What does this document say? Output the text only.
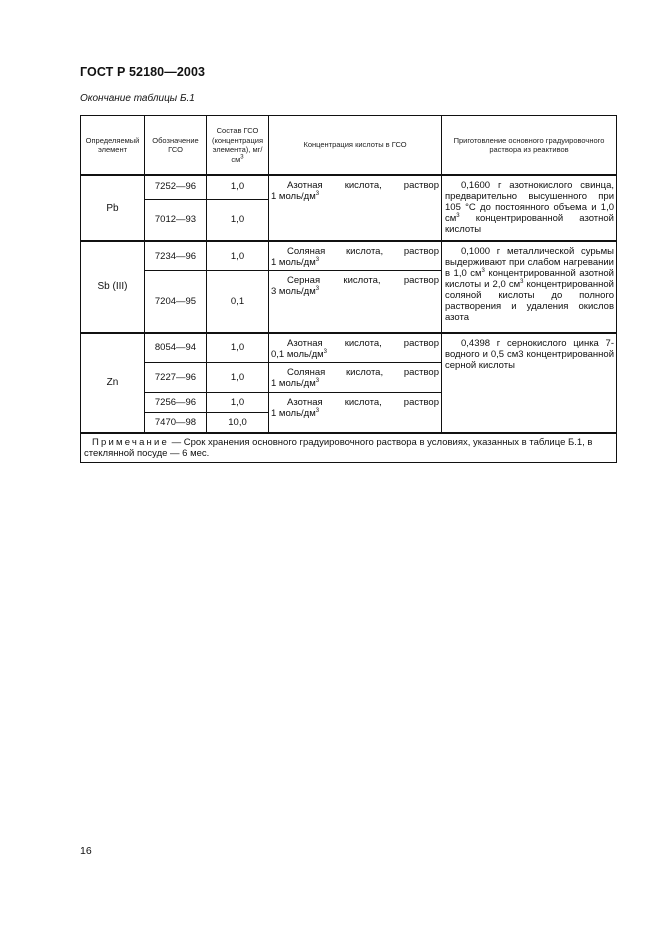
ГОСТ Р 52180—2003
Окончание таблицы Б.1
Определяемый элемент	Обозначение ГСО	Состав ГСО (концентрация элемента), $мг/см^3$	Концентрация кислоты в ГСО	Приготовление основного градуировочного раствора из реактивов
Pb	7252—96	1,0	Азотная кислота, раствор
1 моль/$дм^3$	0,1600 г азотнокислого свинца, предварительно высушенного при 105 °С до постоянного объема и 1,0 $см^3$ концентрированной азотной кислоты

	7012—93	1,0		

Sb (III)	7234—96	1,0	Соляная кислота, раствор
1 моль/$дм^3$	0,1000 г металлической сурьмы выдерживают при слабом нагревании в 1,0 $см^3$ концентрированной азотной кислоты и 2,0 $см^3$ концентрированной соляной кислоты до полного растворения и удаления окислов азота

	7204—95	0,1	Серная кислота, раствор
3 моль/$дм^3$

Zn	8054—94	1,0	Азотная кислота, раствор
0,1 моль/$дм^3$	0,4398 г сернокислого цинка 7-водного и 0,5 см3 концентрированной серной кислоты

	7227—96	1,0	Соляная кислота, раствор
1 моль/$дм^3$

	7256—96	1,0	Азотная кислота, раствор
1 моль/$дм^3$

	7470—98	10,0		

Примечание — Срок хранения основного градуировочного раствора в условиях, указанных в таблице Б.1, в стеклянной посуде — 6 мес.				
16
